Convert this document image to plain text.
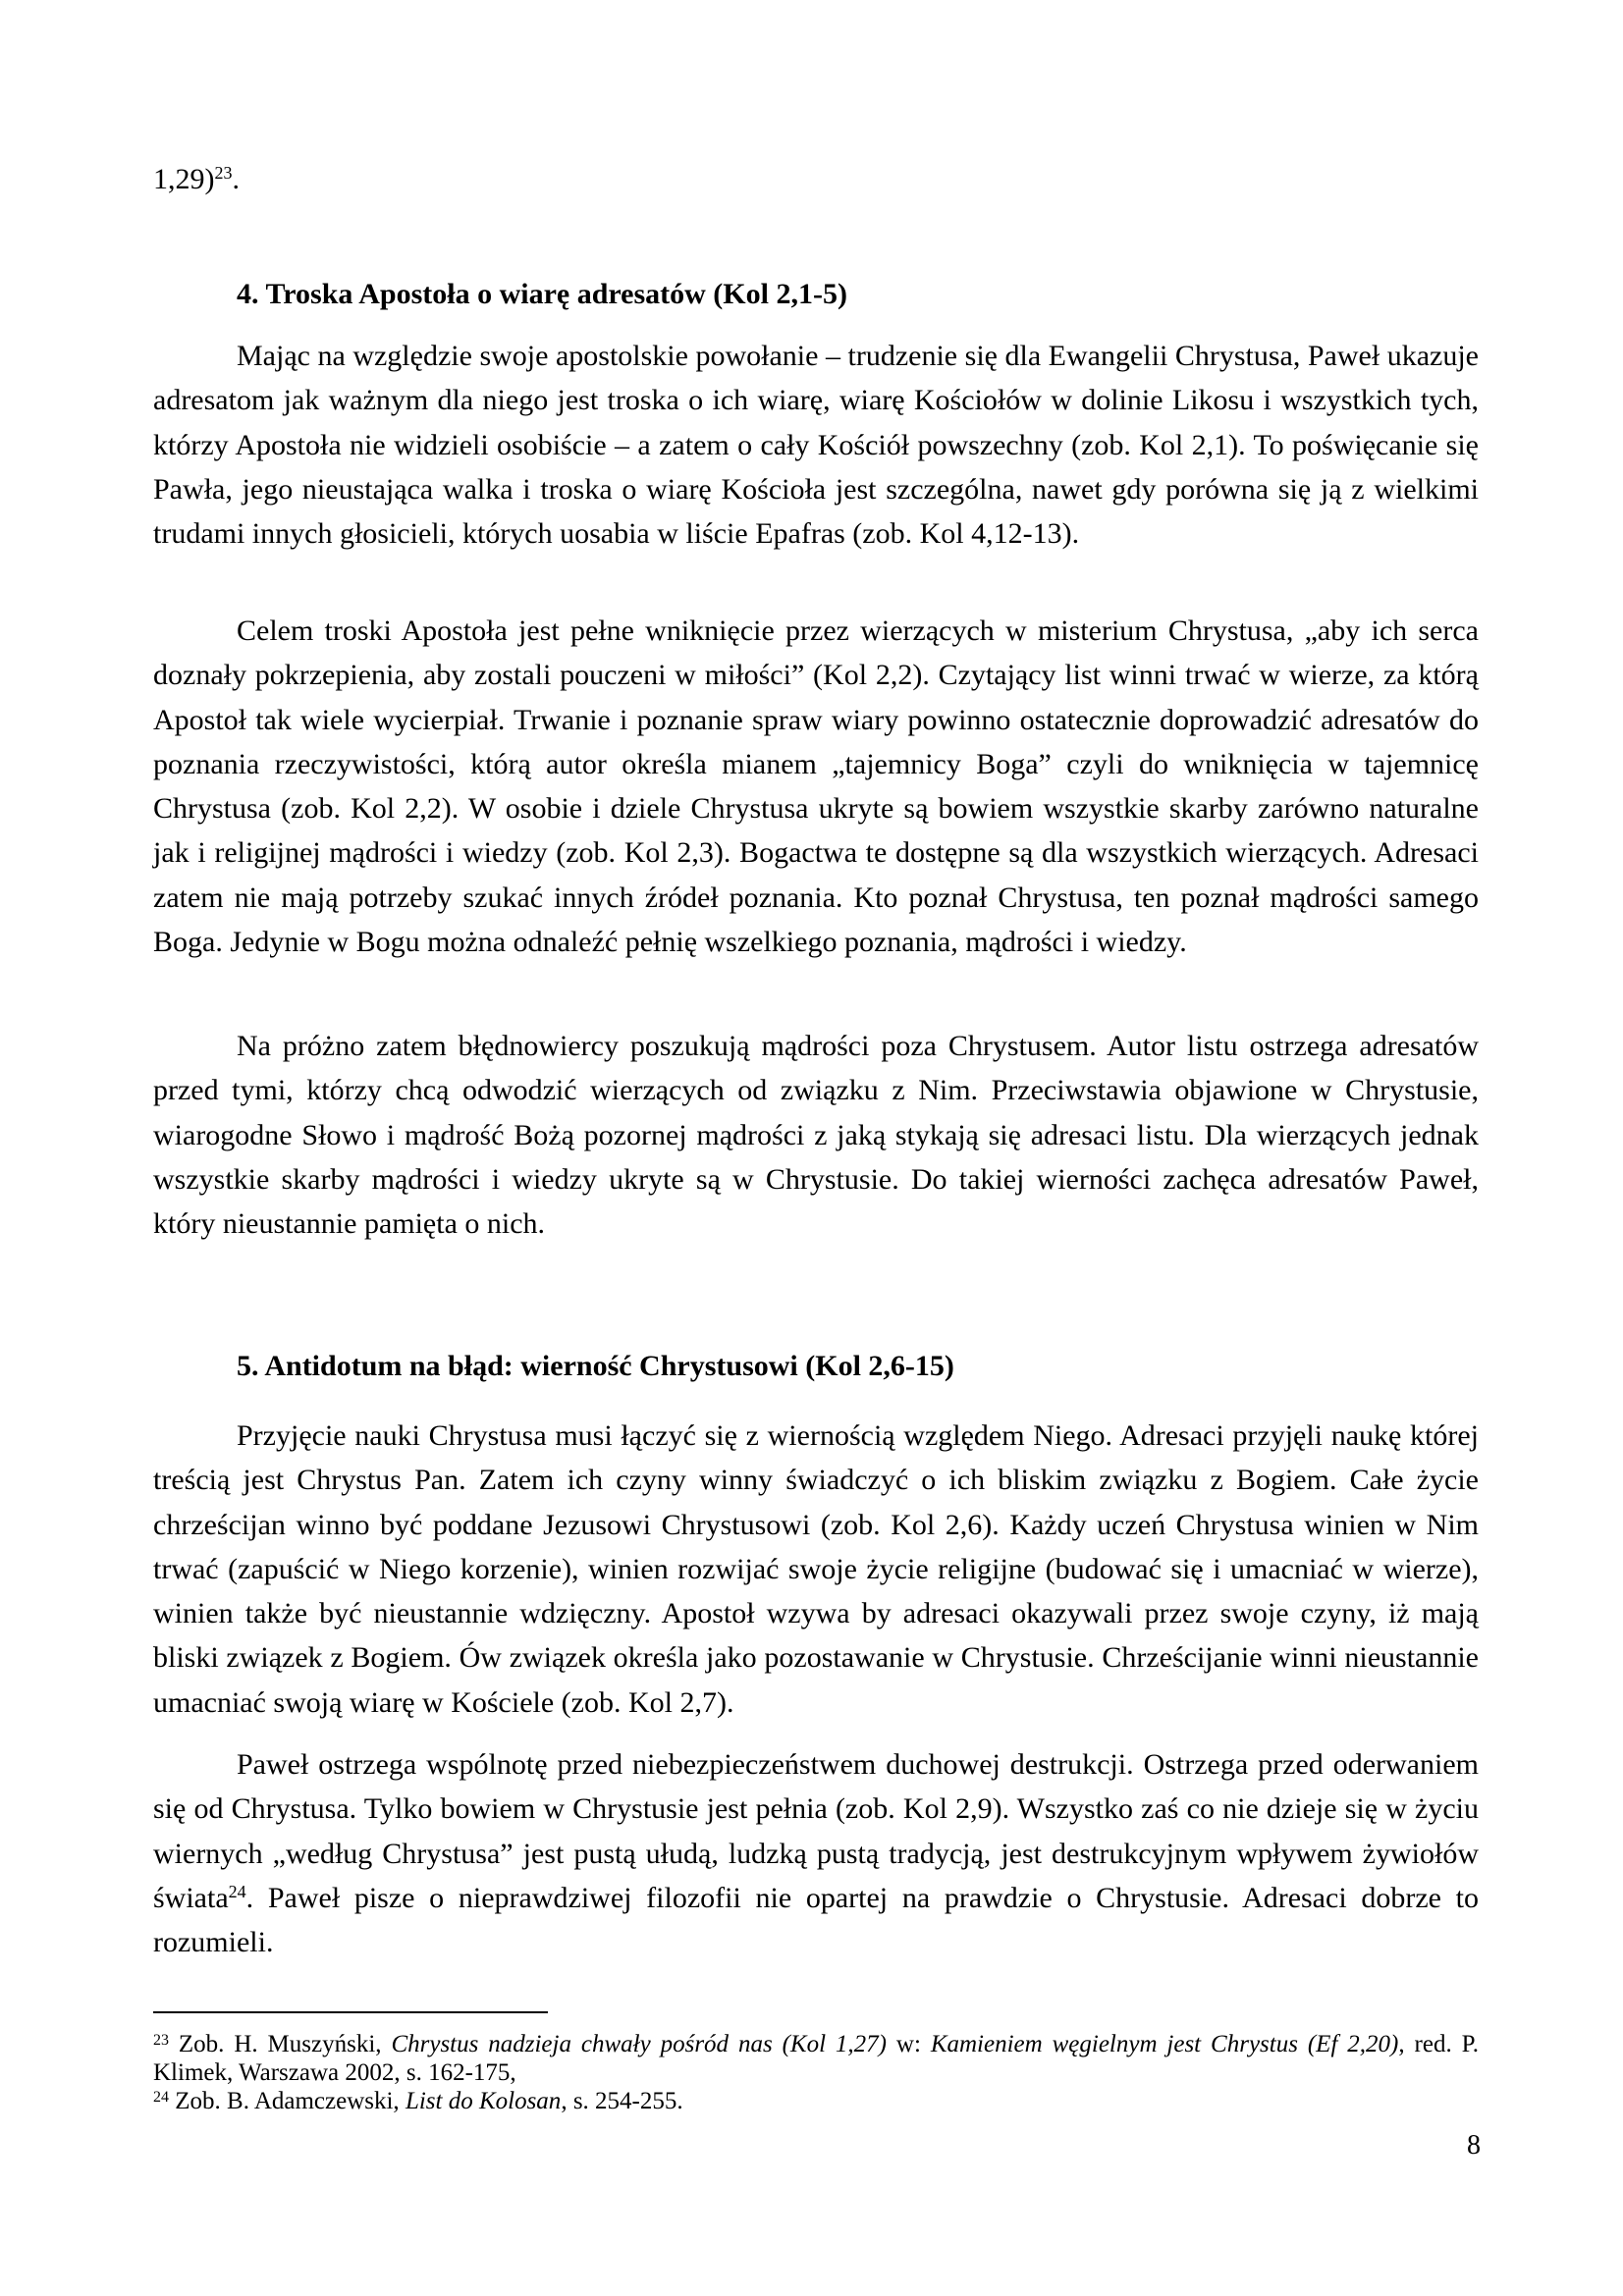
1,29)$^{23}$.
4. Troska Apostoła o wiarę adresatów (Kol 2,1-5)

Mając na względzie swoje apostolskie powołanie – trudzenie się dla Ewangelii Chrystusa, Paweł ukazuje adresatom jak ważnym dla niego jest troska o ich wiarę, wiarę Kościołów w dolinie Likosu i wszystkich tych, którzy Apostoła nie widzieli osobiście – a zatem o cały Kościół powszechny (zob. Kol 2,1). To poświęcanie się Pawła, jego nieustająca walka i troska o wiarę Kościoła jest szczególna, nawet gdy porówna się ją z wielkimi trudami innych głosicieli, których uosabia w liście Epafras (zob. Kol 4,12-13).

Celem troski Apostoła jest pełne wniknięcie przez wierzących w misterium Chrystusa, „aby ich serca doznały pokrzepienia, aby zostali pouczeni w miłości” (Kol 2,2). Czytający list winni trwać w wierze, za którą Apostoł tak wiele wycierpiał. Trwanie i poznanie spraw wiary powinno ostatecznie doprowadzić adresatów do poznania rzeczywistości, którą autor określa mianem „tajemnicy Boga” czyli do wniknięcia w tajemnicę Chrystusa (zob. Kol 2,2). W osobie i dziele Chrystusa ukryte są bowiem wszystkie skarby zarówno naturalne jak i religijnej mądrości i wiedzy (zob. Kol 2,3). Bogactwa te dostępne są dla wszystkich wierzących. Adresaci zatem nie mają potrzeby szukać innych źródeł poznania. Kto poznał Chrystusa, ten poznał mądrości samego Boga. Jedynie w Bogu można odnaleźć pełnię wszelkiego poznania, mądrości i wiedzy.

Na próżno zatem błędnowiercy poszukują mądrości poza Chrystusem. Autor listu ostrzega adresatów przed tymi, którzy chcą odwodzić wierzących od związku z Nim. Przeciwstawia objawione w Chrystusie, wiarogodne Słowo i mądrość Bożą pozornej mądrości z jaką stykają się adresaci listu. Dla wierzących jednak wszystkie skarby mądrości i wiedzy ukryte są w Chrystusie. Do takiej wierności zachęca adresatów Paweł, który nieustannie pamięta o nich.

5. Antidotum na błąd: wierność Chrystusowi (Kol 2,6-15)

Przyjęcie nauki Chrystusa musi łączyć się z wiernością względem Niego. Adresaci przyjęli naukę której treścią jest Chrystus Pan. Zatem ich czyny winny świadczyć o ich bliskim związku z Bogiem. Całe życie chrześcijan winno być poddane Jezusowi Chrystusowi (zob. Kol 2,6). Każdy uczeń Chrystusa winien w Nim trwać (zapuścić w Niego korzenie), winien rozwijać swoje życie religijne (budować się i umacniać w wierze), winien także być nieustannie wdzięczny. Apostoł wzywa by adresaci okazywali przez swoje czyny, iż mają bliski związek z Bogiem. Ów związek określa jako pozostawanie w Chrystusie. Chrześcijanie winni nieustannie umacniać swoją wiarę w Kościele (zob. Kol 2,7).

Paweł ostrzega wspólnotę przed niebezpieczeństwem duchowej destrukcji. Ostrzega przed oderwaniem się od Chrystusa. Tylko bowiem w Chrystusie jest pełnia (zob. Kol 2,9). Wszystko zaś co nie dzieje się w życiu wiernych „według Chrystusa” jest pustą ułudą, ludzką pustą tradycją, jest destrukcyjnym wpływem żywiołów świata$^{24}$. Paweł pisze o nieprawdziwej filozofii nie opartej na prawdzie o Chrystusie. Adresaci dobrze to rozumieli.

$^{23}$ Zob. H. Muszyński, Chrystus nadzieja chwały pośród nas (Kol 1,27) w: Kamieniem węgielnym jest Chrystus (Ef 2,20), red. P. Klimek, Warszawa 2002, s. 162-175,

$^{24}$ Zob. B. Adamczewski, List do Kolosan, s. 254-255.

8
